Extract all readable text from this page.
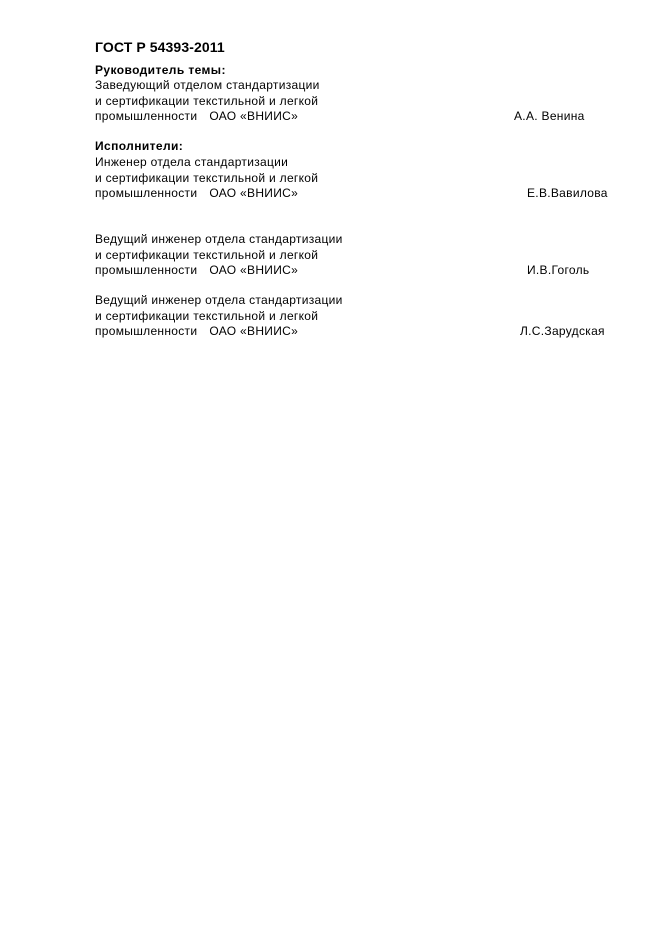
ГОСТ Р 54393-2011
Руководитель темы:
Заведующий отделом стандартизации
и сертификации текстильной и легкой
промышленности ОАО «ВНИИС»	А.А. Венина
Исполнители:
Инженер отдела стандартизации
и сертификации текстильной и легкой
промышленности ОАО «ВНИИС»	Е.В.Вавилова
Ведущий инженер отдела стандартизации
и сертификации текстильной и легкой
промышленности ОАО «ВНИИС»	И.В.Гоголь
Ведущий инженер отдела стандартизации
и сертификации текстильной и легкой
промышленности ОАО «ВНИИС»	Л.С.Зарудская
